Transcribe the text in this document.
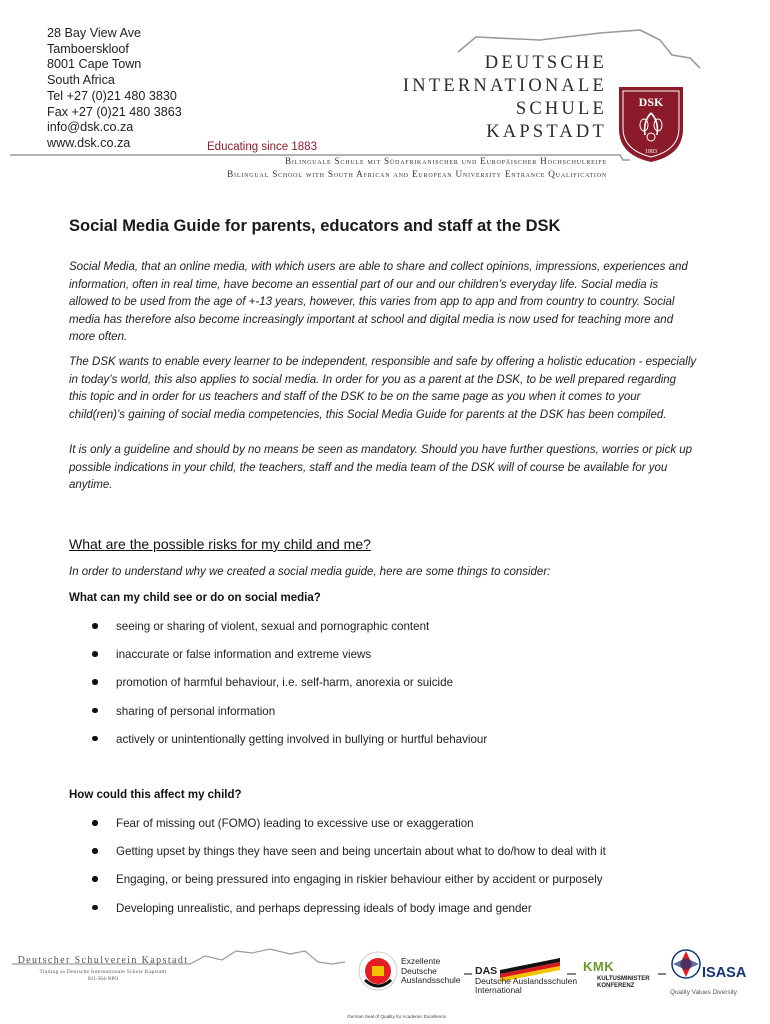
28 Bay View Ave
Tamboerskloof
8001 Cape Town
South Africa
Tel +27 (0)21 480 3830
Fax +27 (0)21 480 3863
info@dsk.co.za
www.dsk.co.za
DEUTSCHE
INTERNATIONALE
SCHULE
KAPSTADT
DSK
1883
Educating since 1883
Bilinguale Schule mit Südafrikanischer und Europäischer Hochschulreife
Bilingual School with South African and European University Entrance Qualification
Social Media Guide for parents, educators and staff at the DSK
Social Media, that an online media, with which users are able to share and collect opinions, impressions, experiences and information, often in real time, have become an essential part of our and our children’s everyday life. Social media is allowed to be used from the age of +-13 years, however, this varies from app to app and from country to country. Social media has therefore also become increasingly important at school and digital media is now used for teaching more and more often.
The DSK wants to enable every learner to be independent, responsible and safe by offering a holistic education - especially in today’s world, this also applies to social media. In order for you as a parent at the DSK, to be well prepared regarding this topic and in order for us teachers and staff of the DSK to be on the same page as you when it comes to your child(ren)’s gaining of social media competencies, this Social Media Guide for parents at the DSK has been compiled.
It is only a guideline and should by no means be seen as mandatory. Should you have further questions, worries or pick up possible indications in your child, the teachers, staff and the media team of the DSK will of course be available for you anytime.
What are the possible risks for my child and me?
In order to understand why we created a social media guide, here are some things to consider:
What can my child see or do on social media?
seeing or sharing of violent, sexual and pornographic content
inaccurate or false information and extreme views
promotion of harmful behaviour, i.e. self-harm, anorexia or suicide
sharing of personal information
actively or unintentionally getting involved in bullying or hurtful behaviour
How could this affect my child?
Fear of missing out (FOMO) leading to excessive use or exaggeration
Getting upset by things they have seen and being uncertain about what to do/how to deal with it
Engaging, or being pressured into engaging in riskier behaviour either by accident or purposely
Developing unrealistic, and perhaps depressing ideals of body image and gender
Deutscher Schulverein Kapstadt
Trading as Deutsche Internationale Schule Kapstadt
021-564-NPO
Exzellente
Deutsche
Auslandsschule
German Seal of Quality for Academic Excellence
DAS
Deutsche Auslandsschulen
International
KMK
KULTUSMINISTER
KONFERENZ
ISASA
Quality Values Diversity
